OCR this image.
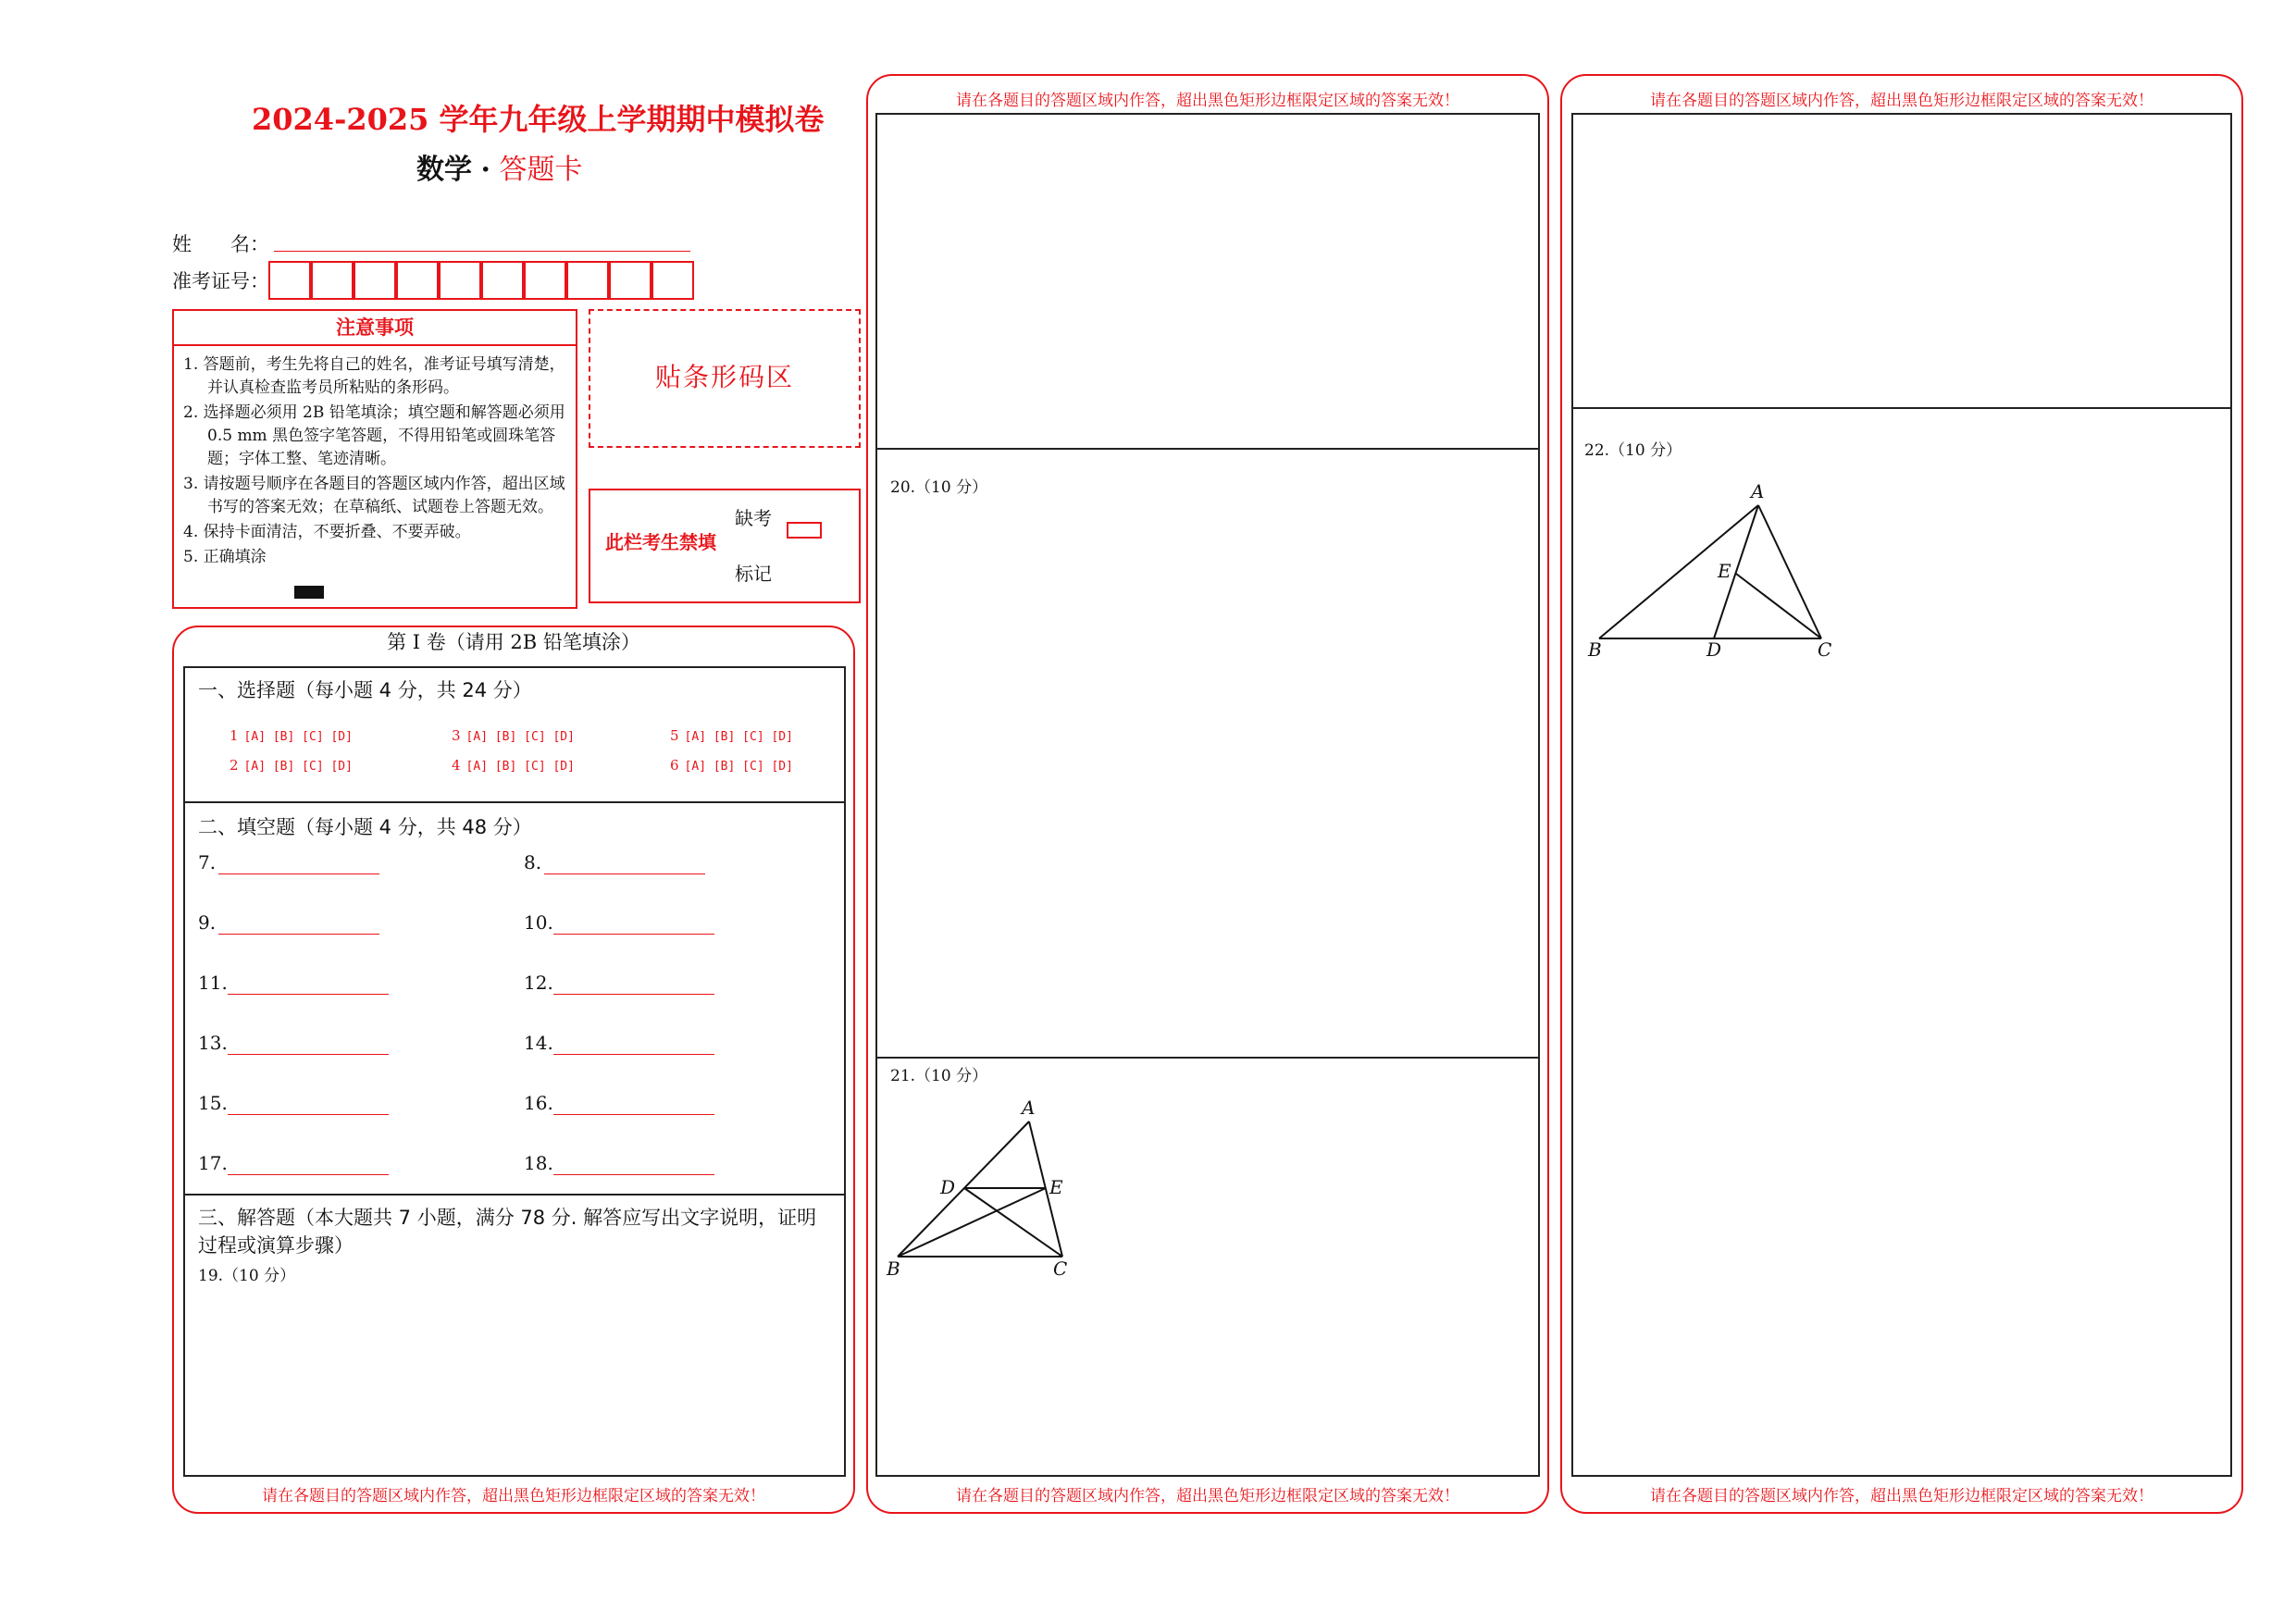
2024-2025 学年九年级上学期期中模拟卷
数学 · 答题卡
姓　　名：
准考证号：
注意事项
1. 答题前，考生先将自己的姓名，准考证号填写清楚，并认真检查监考员所粘贴的条形码。
2. 选择题必须用 2B 铅笔填涂；填空题和解答题必须用 0.5 mm 黑色签字笔答题，不得用铅笔或圆珠笔答题；字体工整、笔迹清晰。
3. 请按题号顺序在各题目的答题区域内作答，超出区域书写的答案无效；在草稿纸、试题卷上答题无效。
4. 保持卡面清洁，不要折叠、不要弄破。
5. 正确填涂
贴条形码区
此栏考生禁填
缺考
标记
第 I 卷（请用 2B 铅笔填涂）
一、选择题（每小题 4 分，共 24 分）
1 [A] [B] [C] [D]	3 [A] [B] [C] [D]	5 [A] [B] [C] [D]
2 [A] [B] [C] [D]	4 [A] [B] [C] [D]	6 [A] [B] [C] [D]
二、填空题（每小题 4 分，共 48 分）
7.	8.
9.	10.
11.	12.
13.	14.
15.	16.
17.	18.
三、解答题（本大题共 7 小题，满分 78 分. 解答应写出文字说明，证明
过程或演算步骤）
19.（10 分）
请在各题目的答题区域内作答，超出黑色矩形边框限定区域的答案无效！
请在各题目的答题区域内作答，超出黑色矩形边框限定区域的答案无效！
20.（10 分）
21.（10 分）
A
B	C
D	E
请在各题目的答题区域内作答，超出黑色矩形边框限定区域的答案无效！
请在各题目的答题区域内作答，超出黑色矩形边框限定区域的答案无效！
22.（10 分）
A
B	C
D
E
请在各题目的答题区域内作答，超出黑色矩形边框限定区域的答案无效！
